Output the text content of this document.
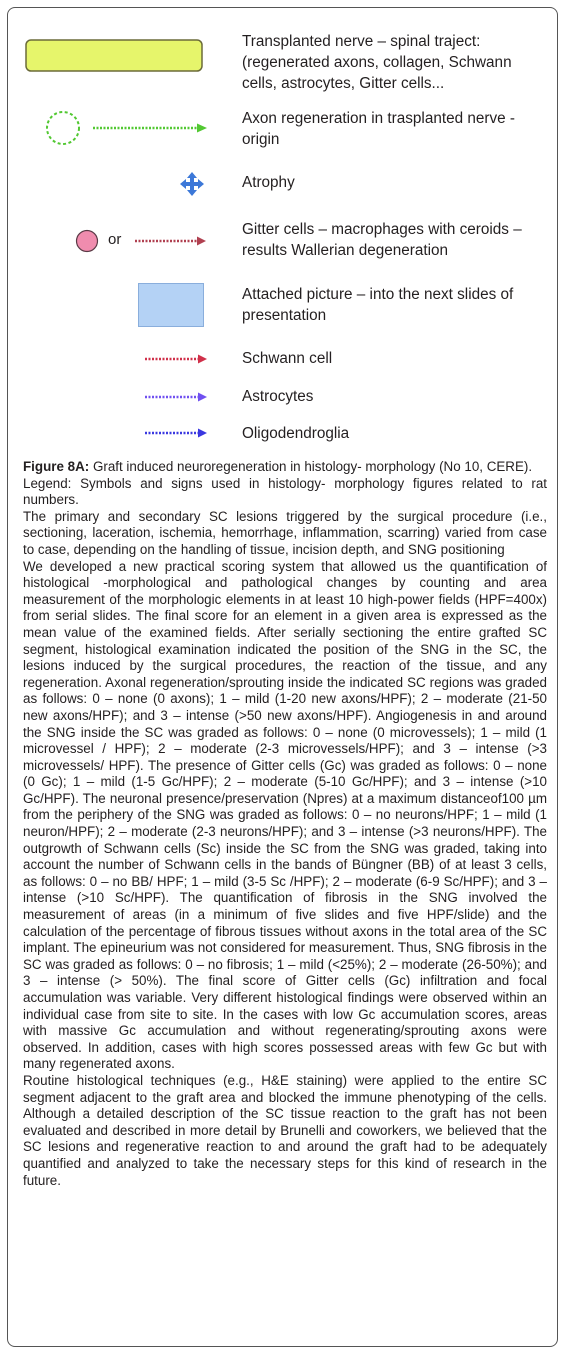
Transplanted nerve – spinal traject: (regenerated axons, collagen, Schwann cells, astrocytes, Gitter cells...
Axon regeneration in trasplanted nerve - origin
Atrophy
or
Gitter cells – macrophages with ceroids – results Wallerian degeneration
Attached picture – into the next slides of presentation
Schwann cell
Astrocytes
Oligodendroglia

Figure 8A: Graft induced neuroregeneration in histology- morphology (No 10, CERE).

Legend: Symbols and signs used in histology- morphology figures related to rat numbers.

The primary and secondary SC lesions triggered by the surgical procedure (i.e., sectioning, laceration, ischemia, hemorrhage, inflammation, scarring) varied from case to case, depending on the handling of tissue, incision depth, and SNG positioning

We developed a new practical scoring system that allowed us the quantification of histological -morphological and pathological changes by counting and area measurement of the morphologic elements in at least 10 high-power fields (HPF=400x) from serial slides. The final score for an element in a given area is expressed as the mean value of the examined fields. After serially sectioning the entire grafted SC segment, histological examination indicated the position of the SNG in the SC, the lesions induced by the surgical procedures, the reaction of the tissue, and any regeneration. Axonal regeneration/sprouting inside the indicated SC regions was graded as follows: 0 – none (0 axons); 1 – mild (1-20 new axons/HPF); 2 – moderate (21-50 new axons/HPF); and 3 – intense (>50 new axons/HPF). Angiogenesis in and around the SNG inside the SC was graded as follows: 0 – none (0 microvessels); 1 – mild (1 microvessel / HPF); 2 – moderate (2-3 microvessels/HPF); and 3 – intense (>3 microvessels/ HPF). The presence of Gitter cells (Gc) was graded as follows: 0 – none (0 Gc); 1 – mild (1-5 Gc/HPF); 2 – moderate (5-10 Gc/HPF); and 3 – intense (>10 Gc/HPF). The neuronal presence/preservation (Npres) at a maximum distanceof100 µm from the periphery of the SNG was graded as follows: 0 – no neurons/HPF; 1 – mild (1 neuron/HPF); 2 – moderate (2-3 neurons/HPF); and 3 – intense (>3 neurons/HPF). The outgrowth of Schwann cells (Sc) inside the SC from the SNG was graded, taking into account the number of Schwann cells in the bands of Büngner (BB) of at least 3 cells, as follows: 0 – no BB/ HPF; 1 – mild (3-5 Sc /HPF); 2 – moderate (6-9 Sc/HPF); and 3 – intense (>10 Sc/HPF). The quantification of fibrosis in the SNG involved the measurement of areas (in a minimum of five slides and five HPF/slide) and the calculation of the percentage of fibrous tissues without axons in the total area of the SC implant. The epineurium was not considered for measurement. Thus, SNG fibrosis in the SC was graded as follows: 0 – no fibrosis; 1 – mild (<25%); 2 – moderate (26-50%); and 3 – intense (> 50%). The final score of Gitter cells (Gc) infiltration and focal accumulation was variable. Very different histological findings were observed within an individual case from site to site. In the cases with low Gc accumulation scores, areas with massive Gc accumulation and without regenerating/sprouting axons were observed. In addition, cases with high scores possessed areas with few Gc but with many regenerated axons.

Routine histological techniques (e.g., H&E staining) were applied to the entire SC segment adjacent to the graft area and blocked the immune phenotyping of the cells. Although a detailed description of the SC tissue reaction to the graft has not been evaluated and described in more detail by Brunelli and coworkers, we believed that the SC lesions and regenerative reaction to and around the graft had to be adequately quantified and analyzed to take the necessary steps for this kind of research in the future.
